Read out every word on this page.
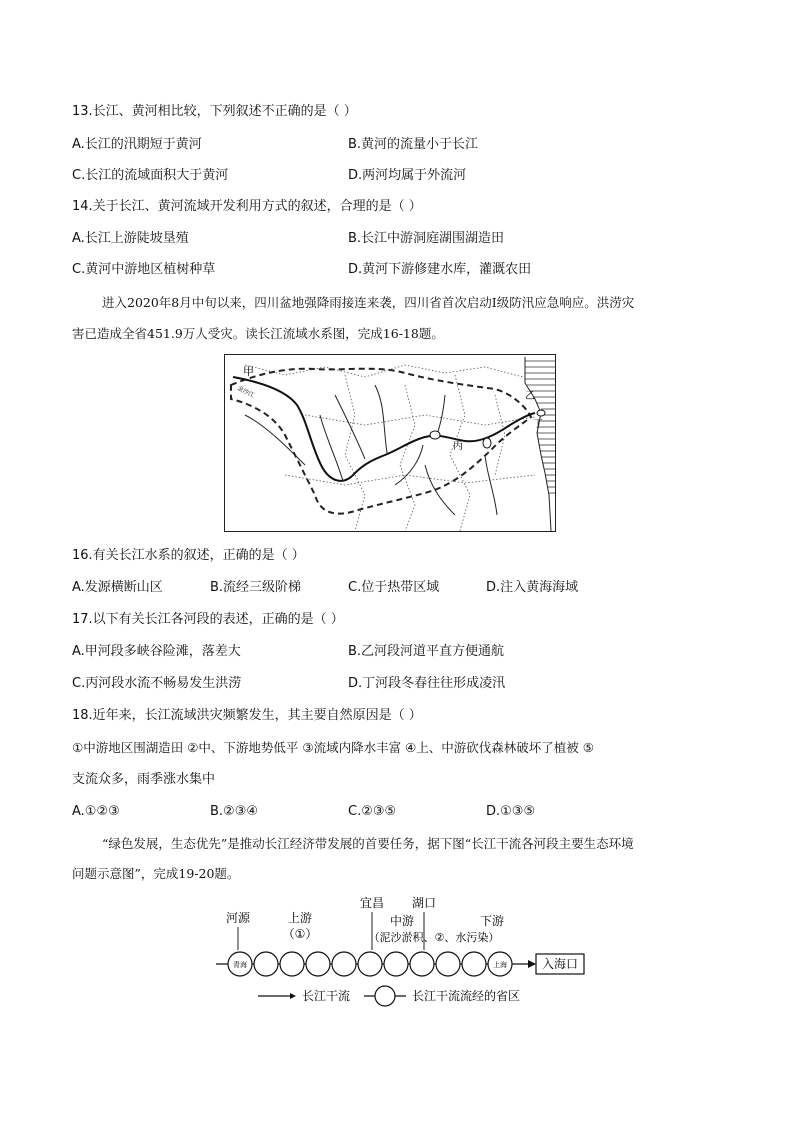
13.长江、黄河相比较，下列叙述不正确的是（ ）
A.长江的汛期短于黄河	B.黄河的流量小于长江
C.长江的流域面积大于黄河	D.两河均属于外流河
14.关于长江、黄河流域开发利用方式的叙述，合理的是（ ）
A.长江上游陡坡垦殖	B.长江中游洞庭湖围湖造田
C.黄河中游地区植树种草	D.黄河下游修建水库，灌溉农田
进入2020年8月中旬以来，四川盆地强降雨接连来袭，四川省首次启动Ⅰ级防汛应急响应。洪涝灾
害已造成全省451.9万人受灾。读长江流域水系图，完成16-18题。
甲
金沙江	乙
丙
丁
16.有关长江水系的叙述，正确的是（ ）
A.发源横断山区	B.流经三级阶梯	C.位于热带区域	D.注入黄海海域
17.以下有关长江各河段的表述，正确的是（ ）
A.甲河段多峡谷险滩，落差大	B.乙河段河道平直方便通航
C.丙河段水流不畅易发生洪涝	D.丁河段冬春往往形成凌汛
18.近年来，长江流域洪灾频繁发生，其主要自然原因是（ ）
①中游地区围湖造田 ②中、下游地势低平 ③流域内降水丰富 ④上、中游砍伐森林破坏了植被 ⑤
支流众多，雨季涨水集中
A.①②③	B.②③④	C.②③⑤	D.①③⑤
“绿色发展，生态优先”是推动长江经济带发展的首要任务，据下图“长江干流各河段主要生态环境
问题示意图”，完成19-20题。
河源	上游
（①）
宜昌 湖口
中游
（泥沙淤积、②、水污染）
下游
青海	上海	入海口
长江干流	长江干流流经的省区
